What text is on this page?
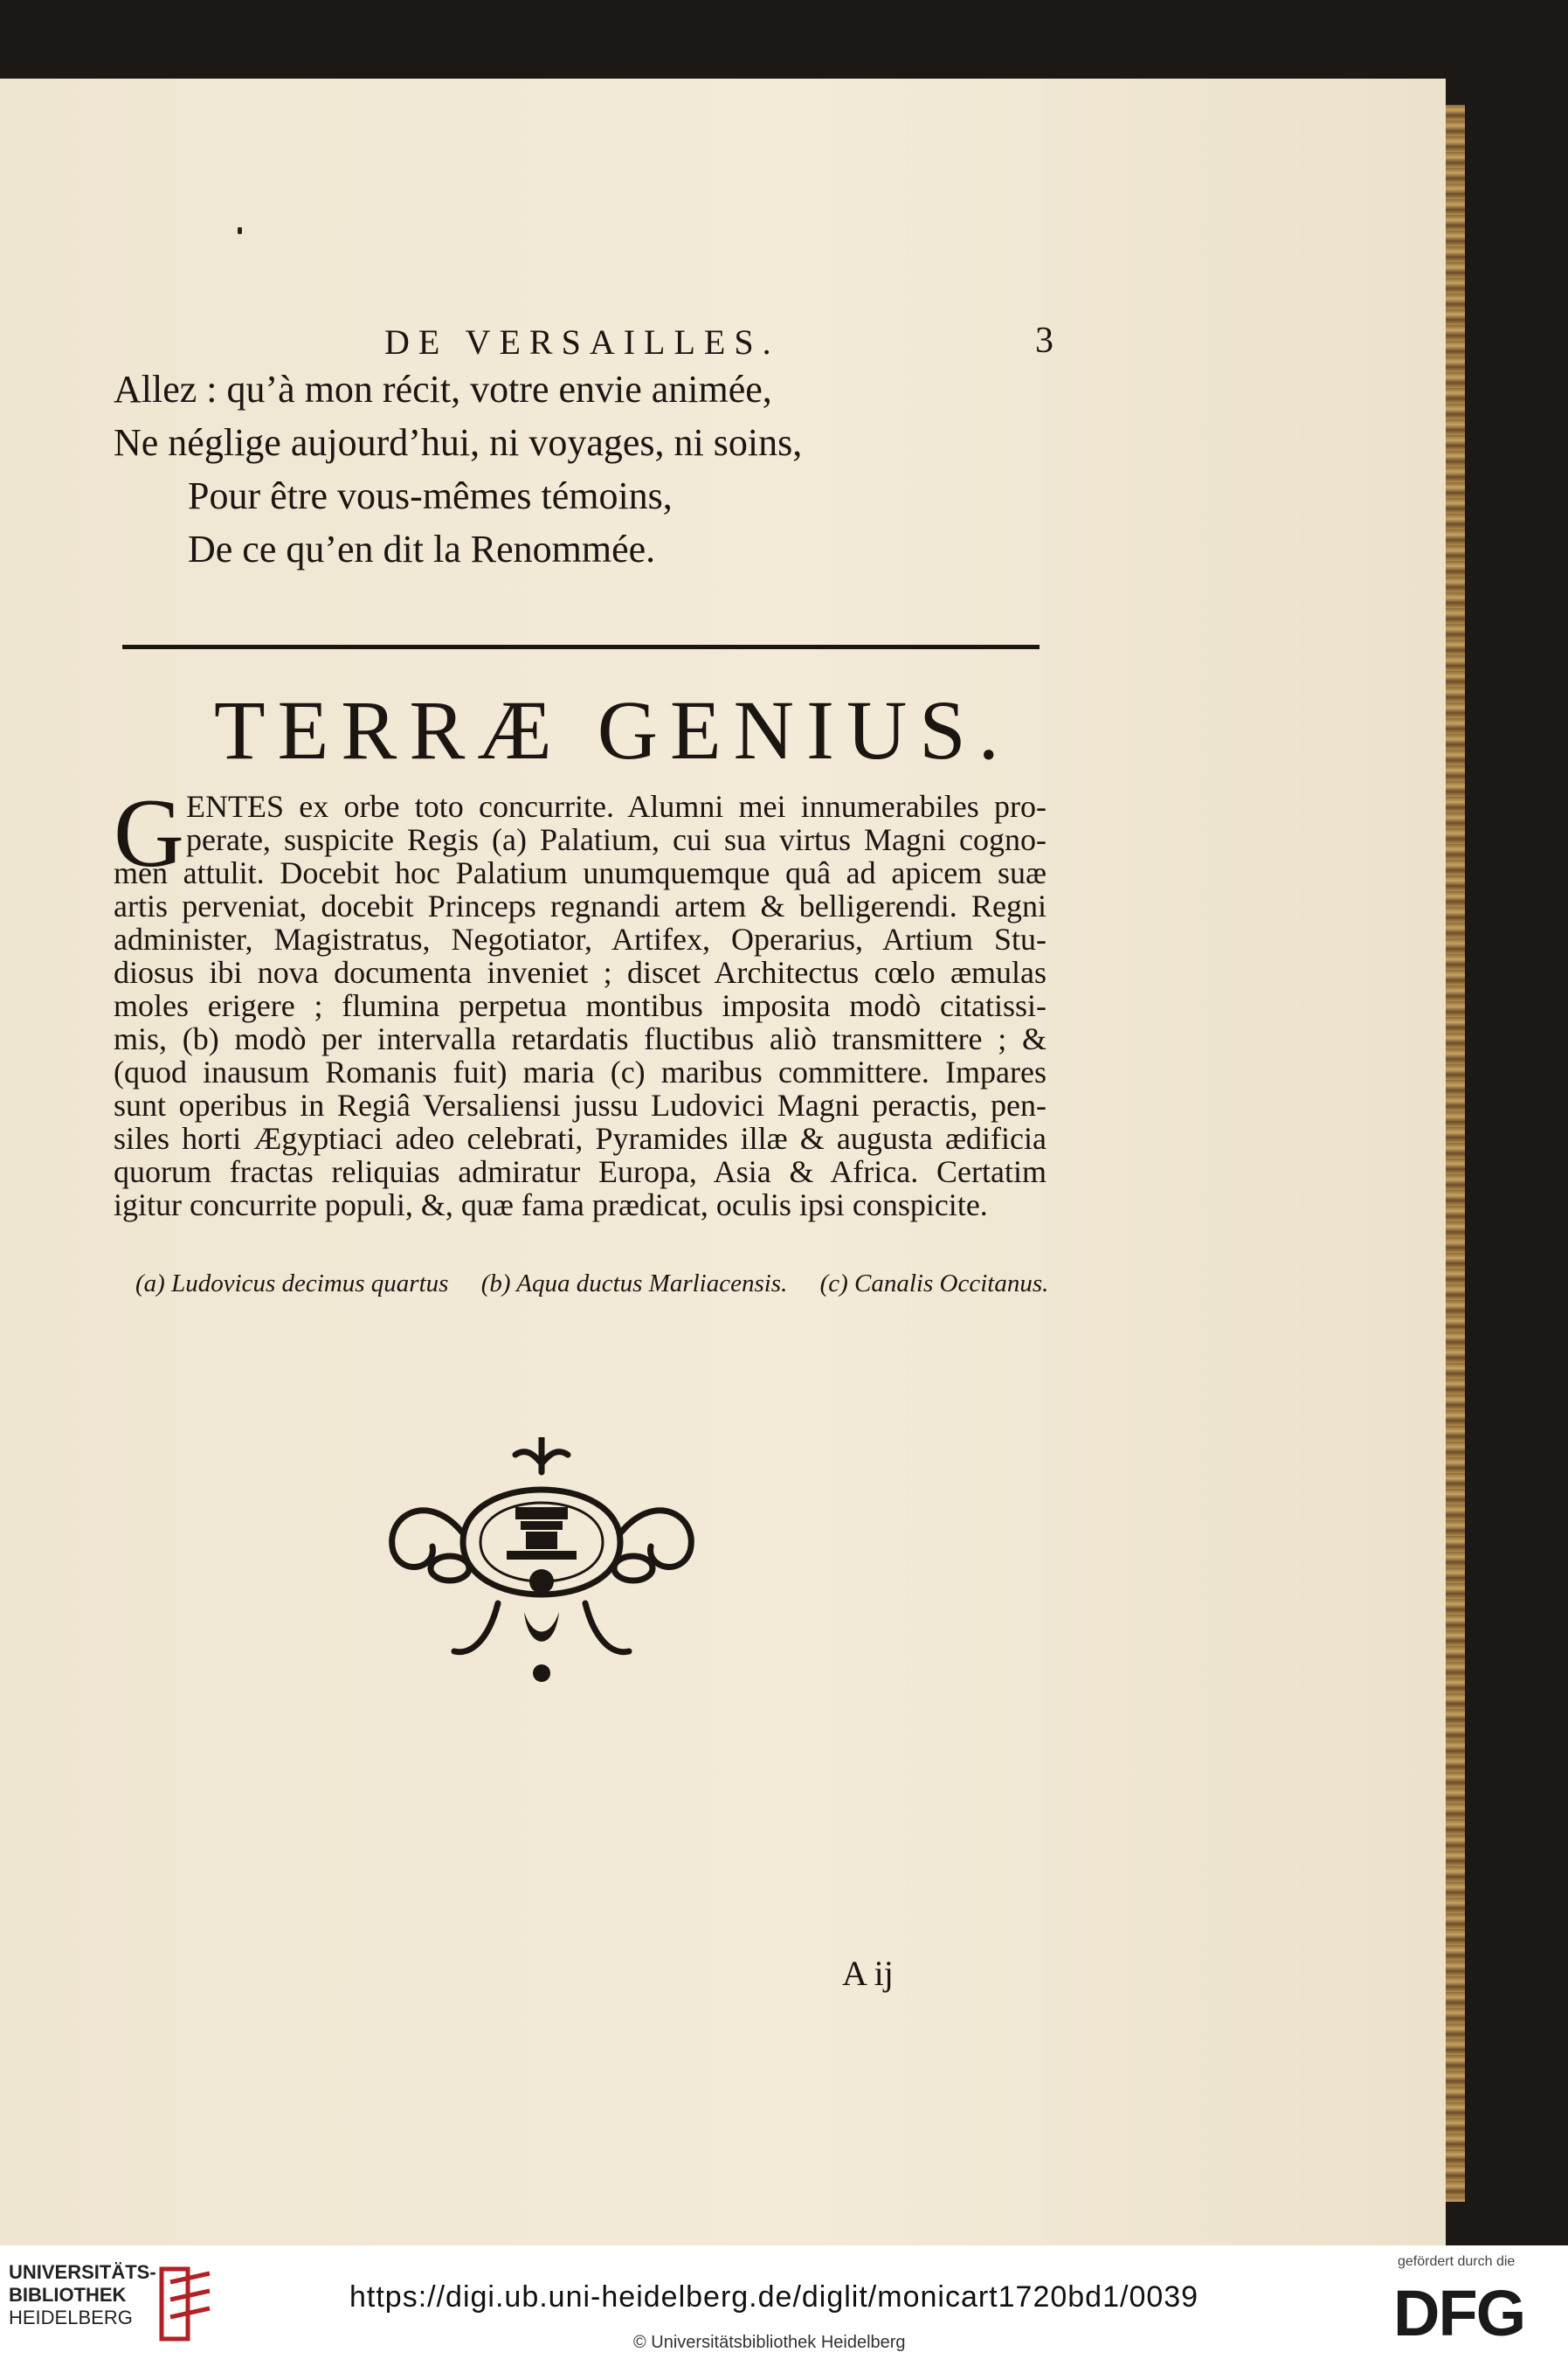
DE VERSAILLES.	3
Allez : qu’à mon récit, votre envie animée,
Ne néglige aujourd’hui, ni voyages, ni soins,
Pour être vous-mêmes témoins,
De ce qu’en dit la Renommée.
TERRÆ GENIUS.
G ENTES ex orbe toto concurrite. Alumni mei innumerabiles pro-
perate, suspicite Regis (a) Palatium, cui sua virtus Magni cogno-
men attulit. Docebit hoc Palatium unumquemque quâ ad apicem suæ
artis perveniat, docebit Princeps regnandi artem & belligerendi. Regni
administer, Magistratus, Negotiator, Artifex, Operarius, Artium Stu-
diosus ibi nova documenta inveniet ; discet Architectus cœlo æmulas
moles erigere ; flumina perpetua montibus imposita modò citatissi-
mis, (b) modò per intervalla retardatis fluctibus aliò transmittere ; &
(quod inausum Romanis fuit) maria (c) maribus committere. Impares
sunt operibus in Regiâ Versaliensi jussu Ludovici Magni peractis, pen-
siles horti Ægyptiaci adeo celebrati, Pyramides illæ & augusta ædificia
quorum fractas reliquias admiratur Europa, Asia & Africa. Certatim
igitur concurrite populi, &, quæ fama prædicat, oculis ipsi conspicite.
(a) Ludovicus decimus quartus (b) Aqua ductus Marliacensis. (c) Canalis Occitanus.
A ij
UNIVERSITÄTS-
BIBLIOTHEK
HEIDELBERG
https://digi.ub.uni-heidelberg.de/diglit/monicart1720bd1/0039
© Universitätsbibliothek Heidelberg
gefördert durch die
DFG
